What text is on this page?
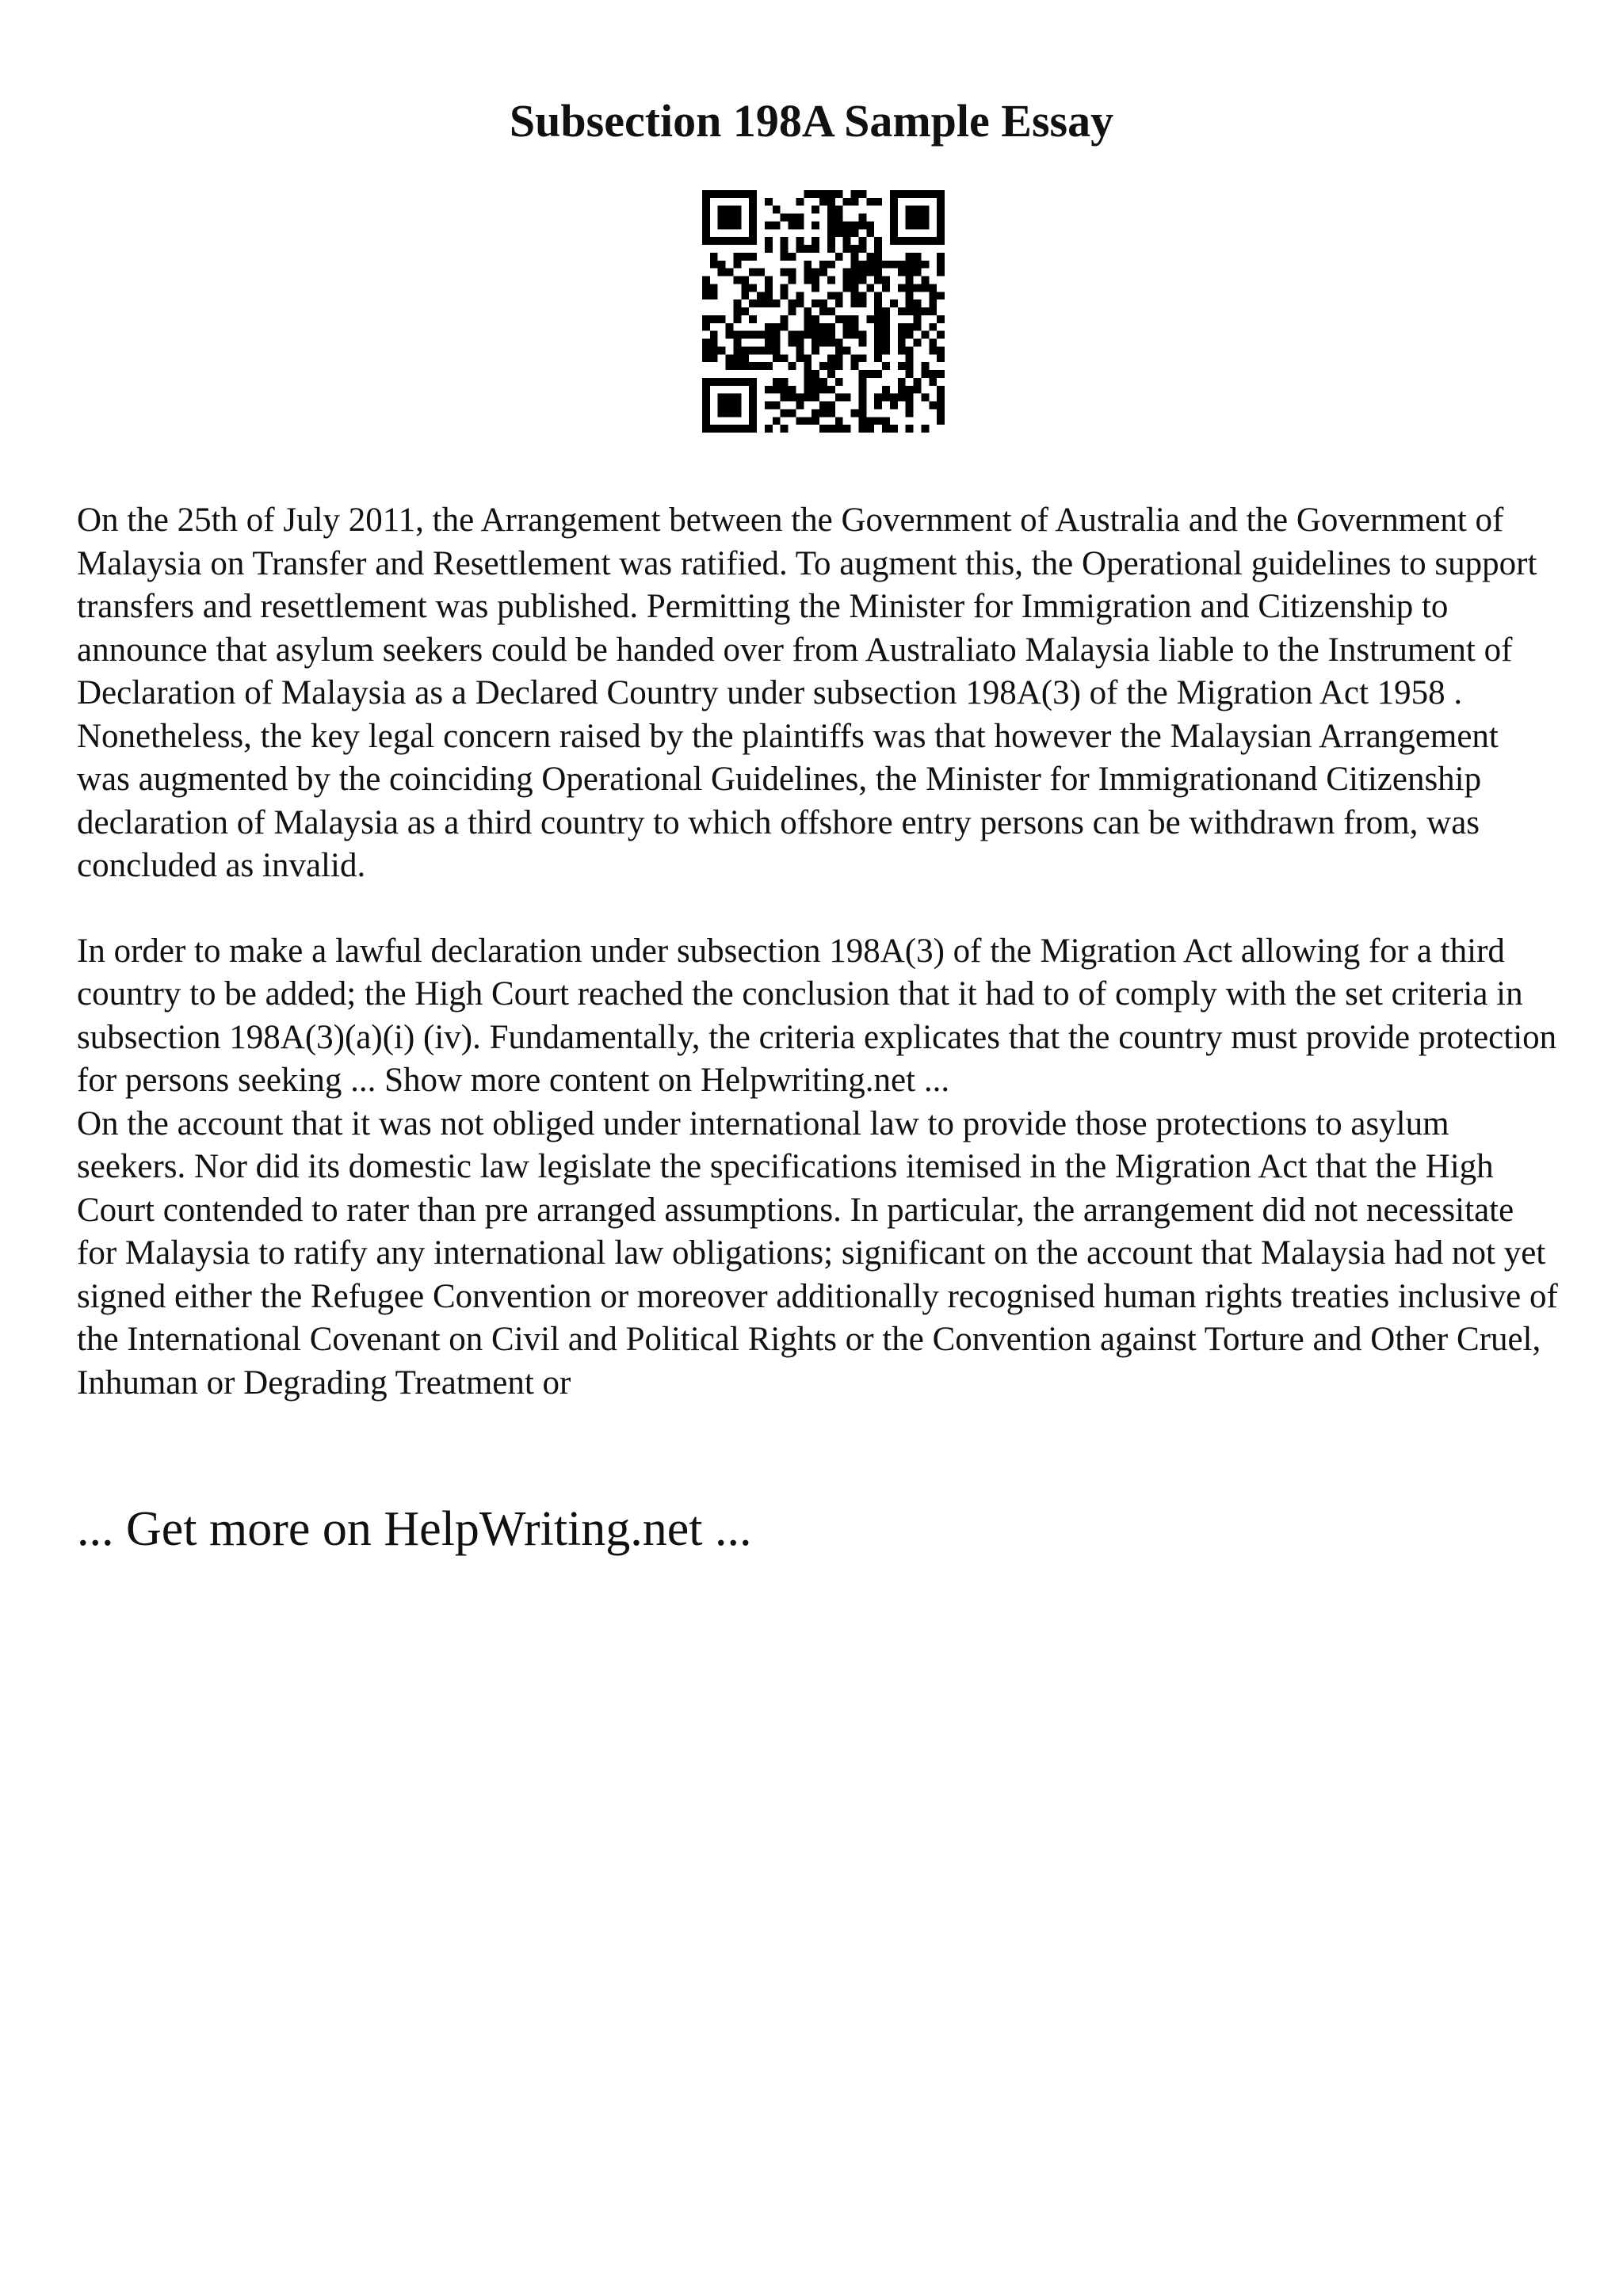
Subsection 198A Sample Essay

On the 25th of July 2011, the Arrangement between the Government of Australia and the Government of Malaysia on Transfer and Resettlement was ratified. To augment this, the Operational guidelines to support transfers and resettlement was published. Permitting the Minister for Immigration and Citizenship to announce that asylum seekers could be handed over from Australiato Malaysia liable to the Instrument of Declaration of Malaysia as a Declared Country under subsection 198A(3) of the Migration Act 1958 . Nonetheless, the key legal concern raised by the plaintiffs was that however the Malaysian Arrangement was augmented by the coinciding Operational Guidelines, the Minister for Immigrationand Citizenship declaration of Malaysia as a third country to which offshore entry persons can be withdrawn from, was concluded as invalid.

In order to make a lawful declaration under subsection 198A(3) of the Migration Act allowing for a third country to be added; the High Court reached the conclusion that it had to of comply with the set criteria in subsection 198A(3)(a)(i) (iv). Fundamentally, the criteria explicates that the country must provide protection for persons seeking ... Show more content on Helpwriting.net ...

On the account that it was not obliged under international law to provide those protections to asylum seekers. Nor did its domestic law legislate the specifications itemised in the Migration Act that the High Court contended to rater than pre arranged assumptions. In particular, the arrangement did not necessitate for Malaysia to ratify any international law obligations; significant on the account that Malaysia had not yet signed either the Refugee Convention or moreover additionally recognised human rights treaties inclusive of the International Covenant on Civil and Political Rights or the Convention against Torture and Other Cruel, Inhuman or Degrading Treatment or

... Get more on HelpWriting.net ...
